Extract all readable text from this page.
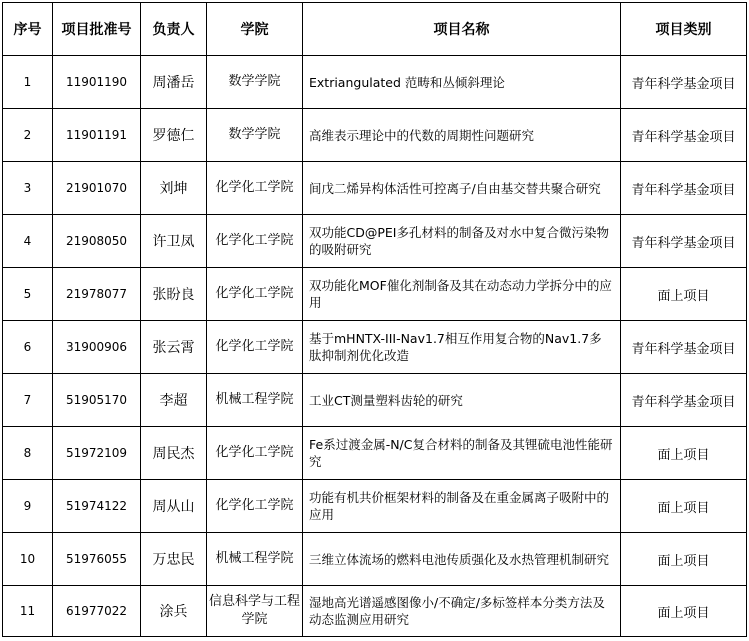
序号	项目批准号	负责人	学院	项目名称	项目类别
1	11901190	周潘岳	数学学院	Extriangulated 范畴和丛倾斜理论	青年科学基金项目
2	11901191	罗德仁	数学学院	高维表示理论中的代数的周期性问题研究	青年科学基金项目
3	21901070	刘坤	化学化工学院	间戊二烯异构体活性可控离子/自由基交替共聚合研究	青年科学基金项目
4	21908050	许卫凤	化学化工学院	双功能CD@PEI多孔材料的制备及对水中复合微污染物的吸附研究	青年科学基金项目
5	21978077	张盼良	化学化工学院	双功能化MOF催化剂制备及其在动态动力学拆分中的应用	面上项目
6	31900906	张云霄	化学化工学院	基于mHNTX-III-Nav1.7相互作用复合物的Nav1.7多肽抑制剂优化改造	青年科学基金项目
7	51905170	李超	机械工程学院	工业CT测量塑料齿轮的研究	青年科学基金项目
8	51972109	周民杰	化学化工学院	Fe系过渡金属-N/C复合材料的制备及其锂硫电池性能研究	面上项目
9	51974122	周从山	化学化工学院	功能有机共价框架材料的制备及在重金属离子吸附中的应用	面上项目
10	51976055	万忠民	机械工程学院	三维立体流场的燃料电池传质强化及水热管理机制研究	面上项目
11	61977022	涂兵	信息科学与工程学院	湿地高光谱遥感图像小/不确定/多标签样本分类方法及动态监测应用研究	面上项目
